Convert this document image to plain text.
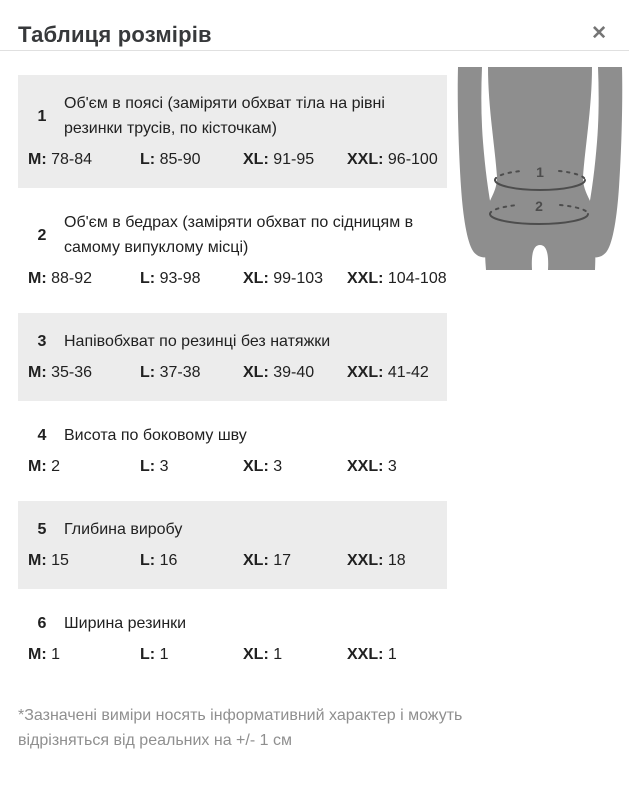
Таблиця розмірів	✕
1
2
1
Об'єм в поясі (заміряти обхват тіла на рівні резинки трусів, по кісточкам)
M: 78-84	L: 85-90	XL: 91-95	XXL: 96-100
2
Об'єм в бедрах (заміряти обхват по сідницям в самому випуклому місці)
M: 88-92	L: 93-98	XL: 99-103	XXL: 104-108
3	Напівобхват по резинці без натяжки
M: 35-36	L: 37-38	XL: 39-40	XXL: 41-42
4	Висота по боковому шву
M: 2	L: 3	XL: 3	XXL: 3
5	Глибина виробу
M: 15	L: 16	XL: 17	XXL: 18
6	Ширина резинки
M: 1	L: 1	XL: 1	XXL: 1
*Зазначені виміри носять інформативний характер і можуть відрізняться від реальних на +/- 1 см
